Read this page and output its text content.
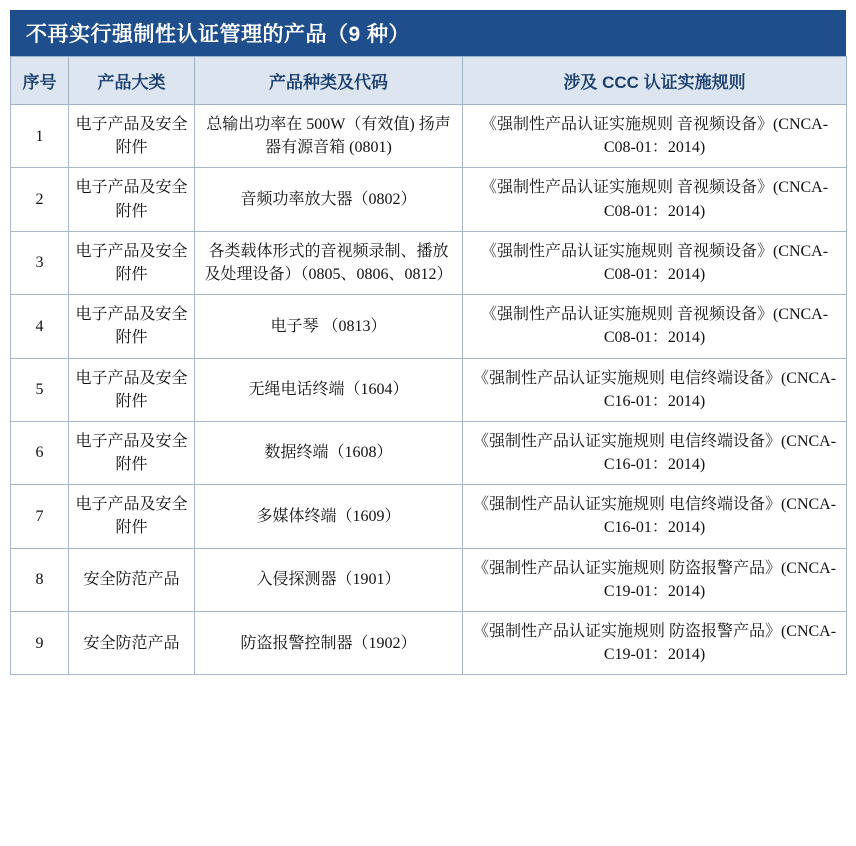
不再实行强制性认证管理的产品（9 种）
序号	产品大类	产品种类及代码	涉及 CCC 认证实施规则
1	电子产品及安全附件	总输出功率在 500W（有效值) 扬声器有源音箱 (0801)	《强制性产品认证实施规则 音视频设备》(CNCA-C08-01：2014)
2	电子产品及安全附件	音频功率放大器（0802）	《强制性产品认证实施规则 音视频设备》(CNCA-C08-01：2014)
3	电子产品及安全附件	各类载体形式的音视频录制、播放及处理设备）（0805、0806、0812）	《强制性产品认证实施规则 音视频设备》(CNCA-C08-01：2014)
4	电子产品及安全附件	电子琴 （0813）	《强制性产品认证实施规则 音视频设备》(CNCA-C08-01：2014)
5	电子产品及安全附件	无绳电话终端（1604）	《强制性产品认证实施规则 电信终端设备》(CNCA-C16-01：2014)
6	电子产品及安全附件	数据终端（1608）	《强制性产品认证实施规则 电信终端设备》(CNCA-C16-01：2014)
7	电子产品及安全附件	多媒体终端（1609）	《强制性产品认证实施规则 电信终端设备》(CNCA-C16-01：2014)
8	安全防范产品	入侵探测器（1901）	《强制性产品认证实施规则 防盗报警产品》(CNCA-C19-01：2014)
9	安全防范产品	防盗报警控制器（1902）	《强制性产品认证实施规则 防盗报警产品》(CNCA-C19-01：2014)
